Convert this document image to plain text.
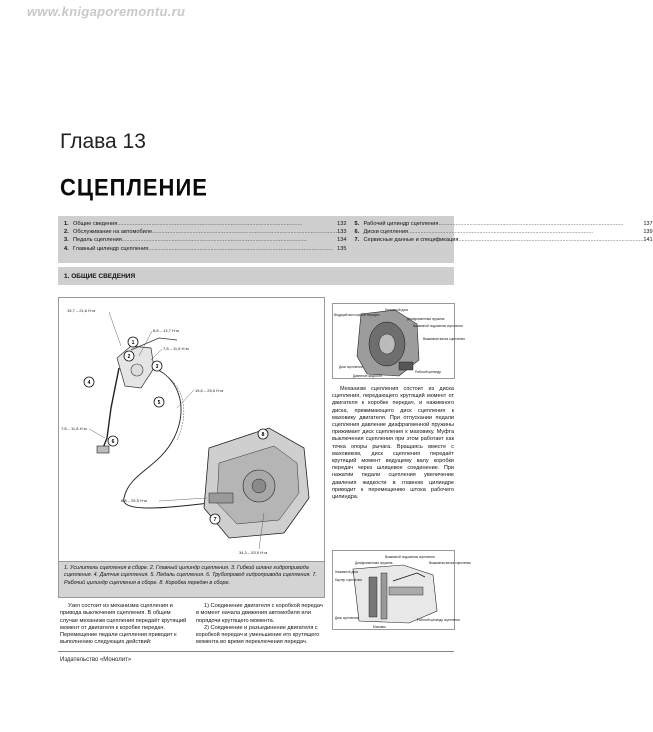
www.knigaporemontu.ru
Глава 13
СЦЕПЛЕНИЕ
1. Общие сведения .....	132
2. Обслуживание на автомобиле .....	133
3. Педаль сцепления .....	134
4. Главный цилиндр сцепления .....	135
5. Рабочий цилиндр сцепления .....	137
6. Диски сцепления .....	139
7. Сервисные данные и спецификация .....	141
1. ОБЩИЕ СВЕДЕНИЯ
15,7 – 21,6 Н·м
8,8 – 13,7 Н·м
7,8 – 11,8 Н·м
15,6 – 25,5 Н·м
7,8 – 11,8 Н·м
8,8 – 25,5 Н·м
34,3 – 53,9 Н·м
1
2
3
4
5
6
7
8
1. Усилитель сцепления в сборе. 2. Главный цилиндр сцепления. 3. Гибкий шланг гидропривода сцепления. 4. Датчик сцепления. 5. Педаль сцепления. 6. Трубопровод гидропривода сцепления. 7. Рабочий цилиндр сцепления в сборе. 8. Коробка передач в сборе.
Нажимной диск
Ведущий вал коробки передач
Диафрагменная пружина
Выжимной подшипник сцепления
Выжимная вилка сцепления
Диск сцепления
Давление жидкости
Рабочий цилиндр
Механизм сцепления состоит из диска сцепления, передающего крутящий момент от двигателя к коробке передач, и нажимного диска, прижимающего диск сцепления к маховику двигателя. При отпускании педали сцепления давление диафрагменной пружины прижимает диск сцепления к маховику. Муфта выключения сцепления при этом работает как точка опоры рычага. Вращаясь вместе с маховиком, диск сцепления передаёт крутящий момент ведущему валу коробки передач через шлицевое соединение. При нажатии педали сцепления увеличение давления жидкости в главном цилиндре приводит к перемещению штока рабочего цилиндра.
Выжимной подшипник сцепления
Диафрагменная пружина	Выжимная вилка сцепления
Нажимной диск
Картер сцепления
Диск сцепления
Маховик
Рабочий цилиндр сцепления
Узел состоит из механизма сцепления и привода выключения сцепления. В общем случае механизм сцепления передаёт крутящий момент от двигателя к коробке передач. Перемещение педали сцепления приводит к выполнению следующих действий:

1) Соединение двигателя с коробкой передач в момент начала движения автомобиля или порядочи крутящего момента.

2) Соединение и разъединение двигателя с коробкой передач и уменьшение его крутящего момента во время переключения передач.

Издательство «Монолит»
